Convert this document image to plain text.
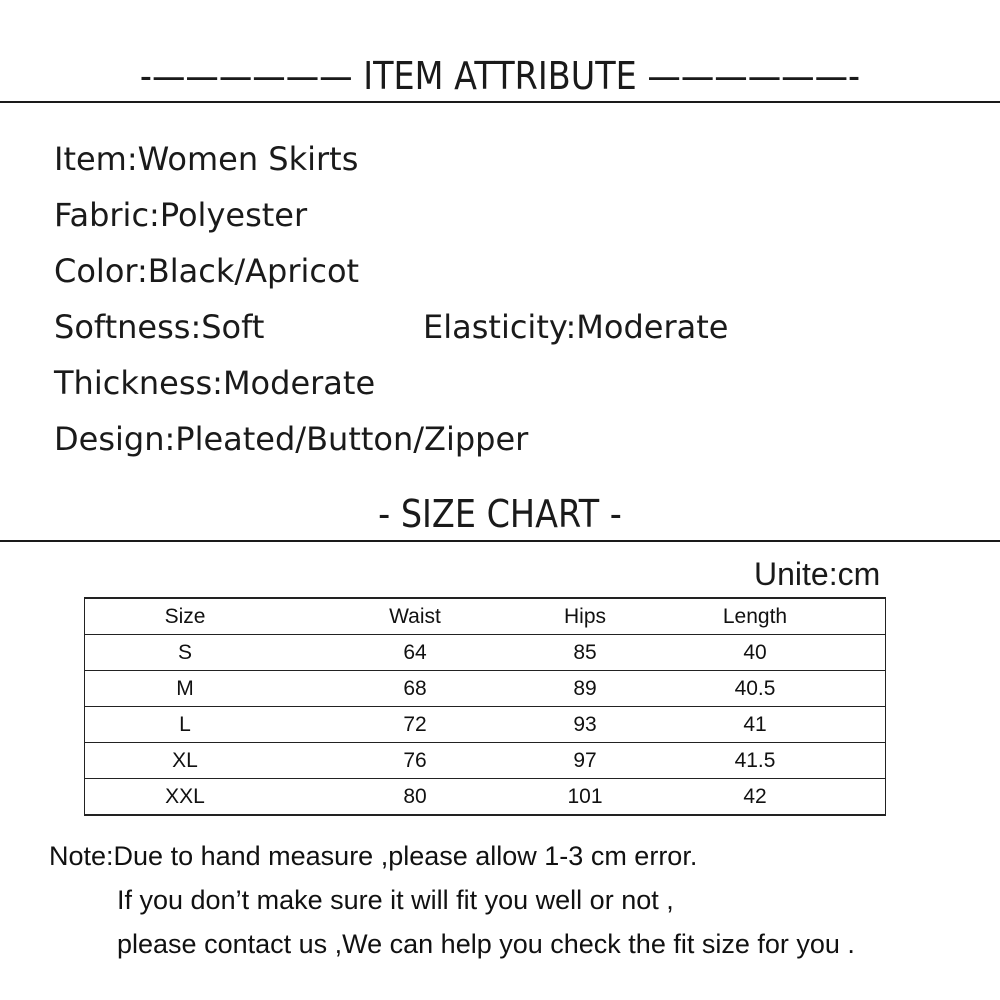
-—————— ITEM ATTRIBUTE ——————-
Item:Women Skirts
Fabric:Polyester
Color:Black/Apricot
Softness:Soft	Elasticity:Moderate
Thickness:Moderate
Design:Pleated/Button/Zipper
- SIZE CHART -
Unite:cm
Size	Waist	Hips	Length
S	64	85	40
M	68	89	40.5
L	72	93	41
XL	76	97	41.5
XXL	80	101	42
Note:Due to hand measure ,please allow 1-3 cm error.
If you don’t make sure it will fit you well or not ,
please contact us ,We can help you check the fit size for you .
